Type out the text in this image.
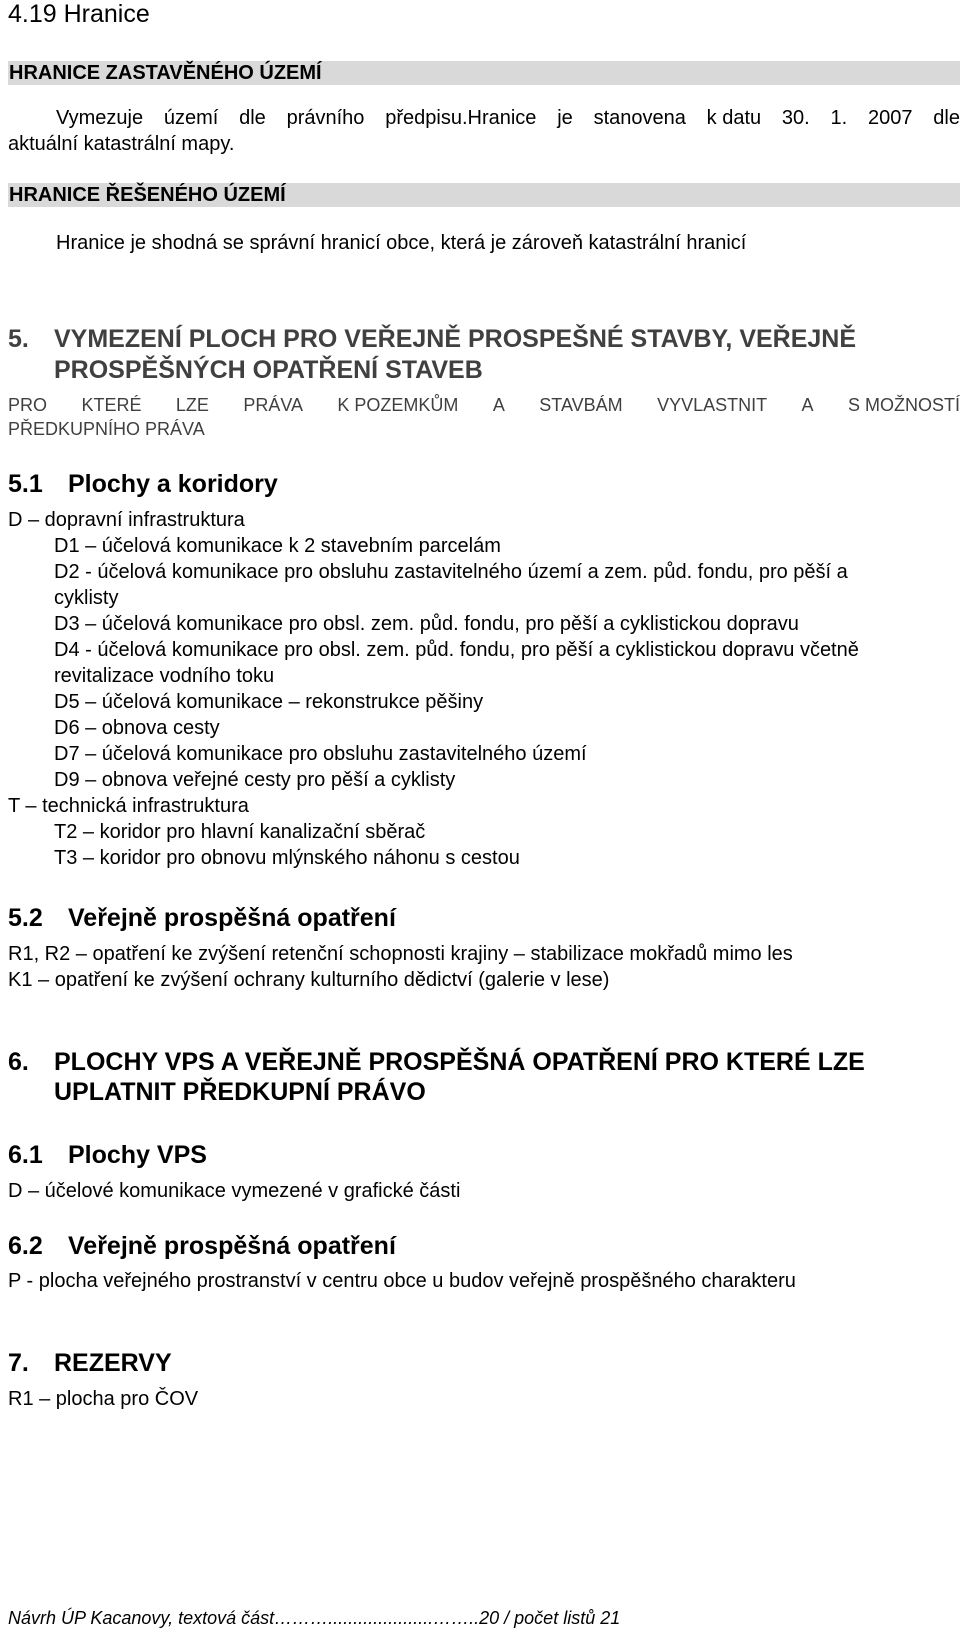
4.19 Hranice
HRANICE ZASTAVĚNÉHO ÚZEMÍ
Vymezuje území dle právního předpisu.Hranice je stanovena k datu 30. 1. 2007 dle
aktuální katastrální mapy.
HRANICE ŘEŠENÉHO ÚZEMÍ
Hranice je shodná se správní hranicí obce, která je zároveň katastrální hranicí
5. VYMEZENÍ PLOCH PRO VEŘEJNĚ PROSPEŠNÉ STAVBY, VEŘEJNĚ
PROSPĚŠNÝCH OPATŘENÍ STAVEB
PRO KTERÉ LZE PRÁVA K POZEMKŮM A STAVBÁM VYVLASTNIT A S MOŽNOSTÍ
PŘEDKUPNÍHO PRÁVA
5.1 Plochy a koridory
D – dopravní infrastruktura
D1 – účelová komunikace k 2 stavebním parcelám
D2 - účelová komunikace pro obsluhu zastavitelného území a zem. půd. fondu, pro pěší a
cyklisty
D3 – účelová komunikace pro obsl. zem. půd. fondu, pro pěší a cyklistickou dopravu
D4 - účelová komunikace pro obsl. zem. půd. fondu, pro pěší a cyklistickou dopravu včetně
revitalizace vodního toku
D5 – účelová komunikace – rekonstrukce pěšiny
D6 – obnova cesty
D7 – účelová komunikace pro obsluhu zastavitelného území
D9 – obnova veřejné cesty pro pěší a cyklisty
T – technická infrastruktura
T2 – koridor pro hlavní kanalizační sběrač
T3 – koridor pro obnovu mlýnského náhonu s cestou
5.2 Veřejně prospěšná opatření
R1, R2 – opatření ke zvýšení retenční schopnosti krajiny – stabilizace mokřadů mimo les
K1 – opatření ke zvýšení ochrany kulturního dědictví (galerie v lese)
6. PLOCHY VPS A VEŘEJNĚ PROSPĚŠNÁ OPATŘENÍ PRO KTERÉ LZE
UPLATNIT PŘEDKUPNÍ PRÁVO
6.1 Plochy VPS
D – účelové komunikace vymezené v grafické části
6.2 Veřejně prospěšná opatření
P - plocha veřejného prostranství v centru obce u budov veřejně prospěšného charakteru
7. REZERVY
R1 – plocha pro ČOV
Návrh ÚP Kacanovy, textová část……….....................……..20 / počet listů 21
